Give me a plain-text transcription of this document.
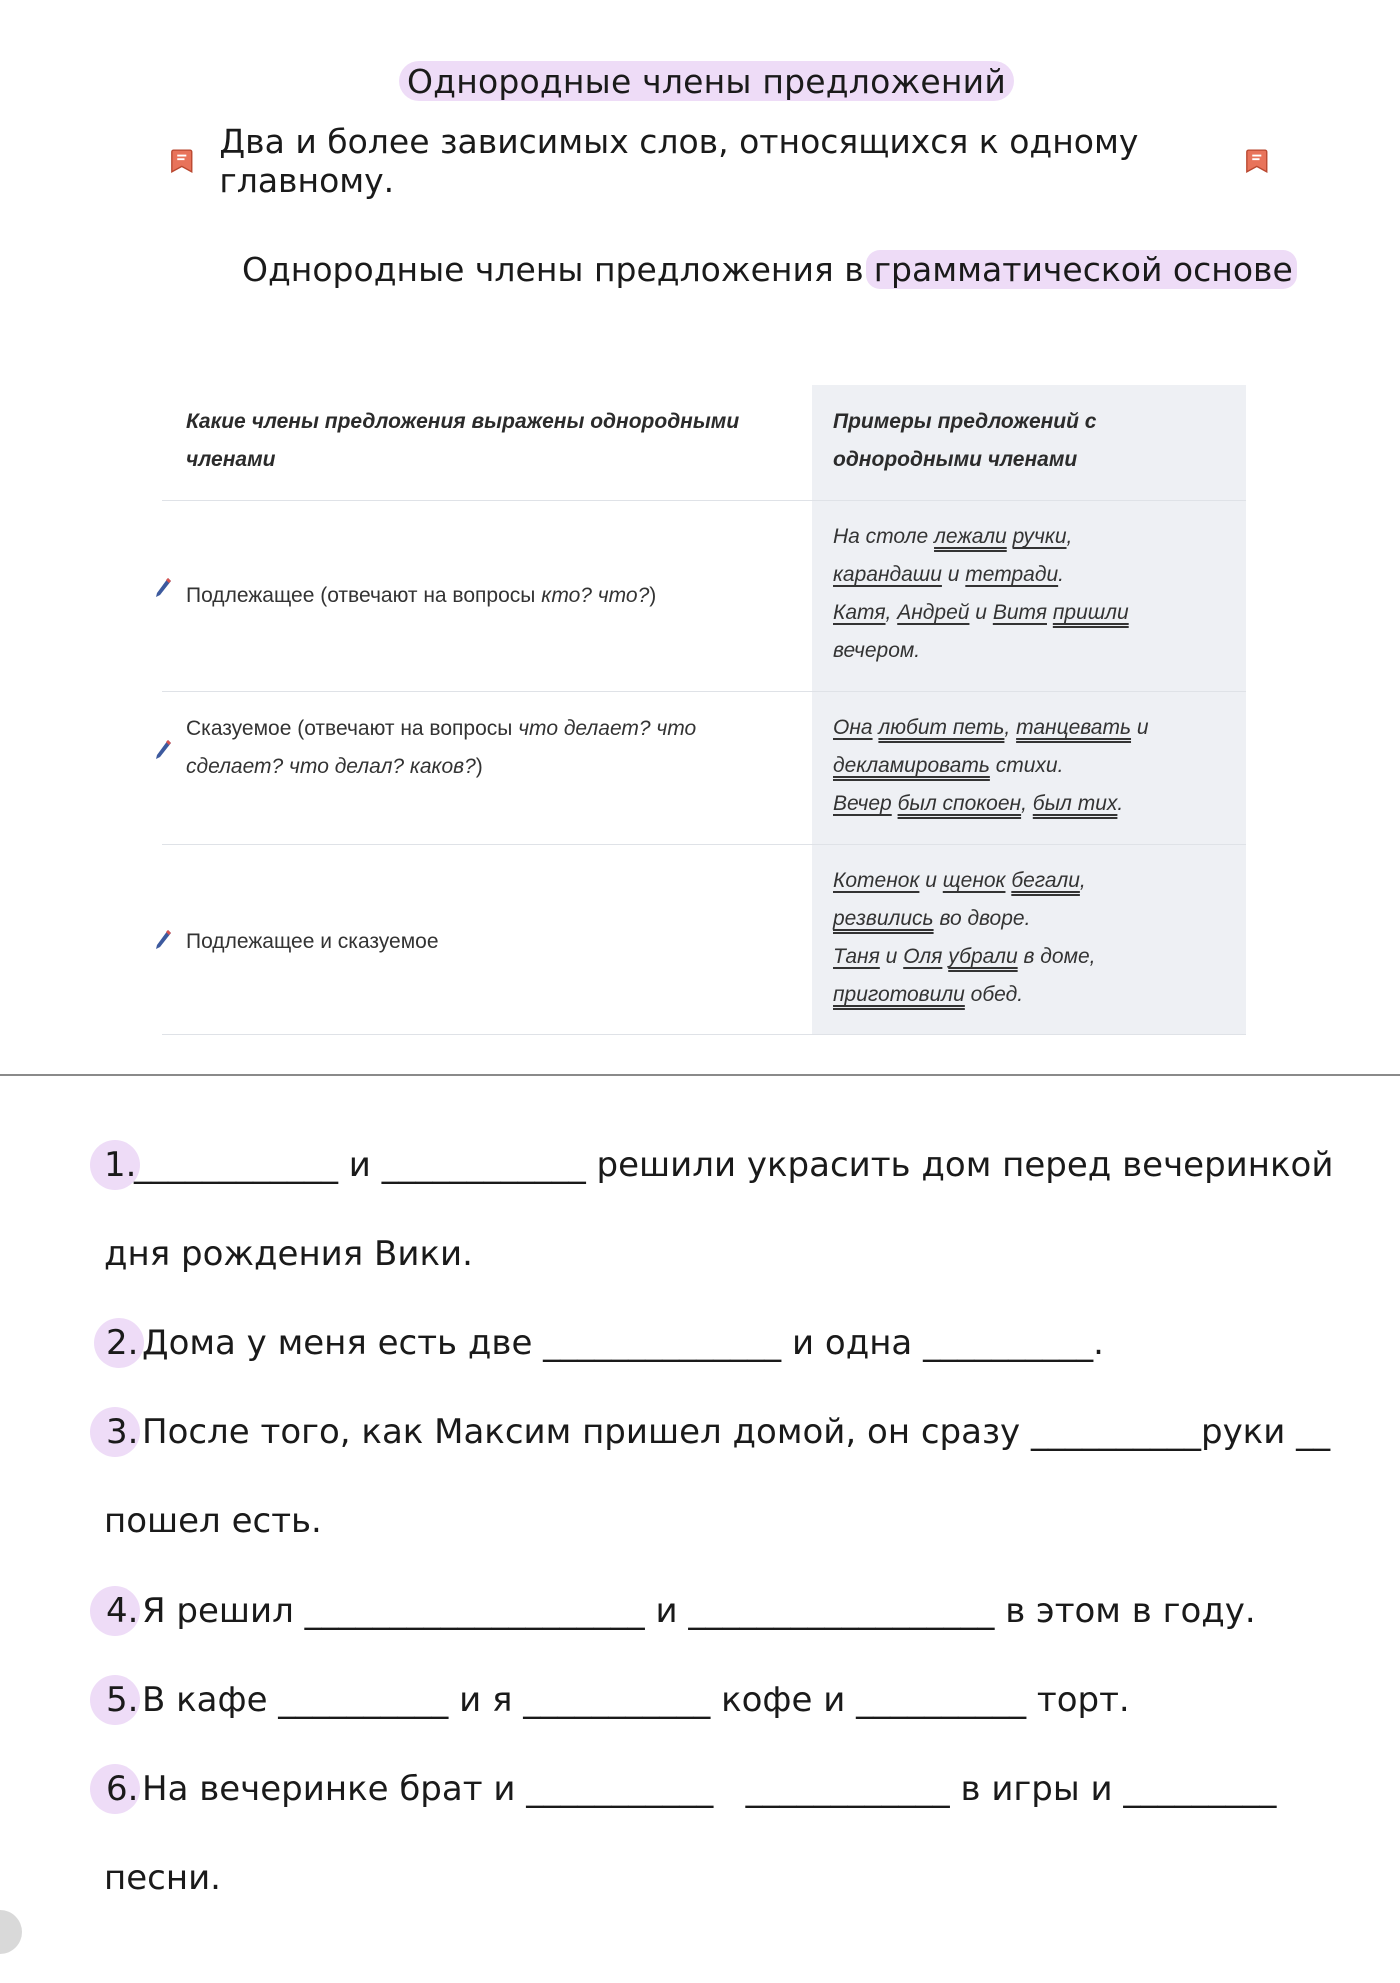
Однородные члены предложений
Два и более зависимых слов, относящихся к одному главному.
Однородные члены предложения в грамматической основе
Какие члены предложения выражены однородными членами
Примеры предложений с однородными членами
Подлежащее (отвечают на вопросы кто? что?)
На столе лежали ручки,
карандаши и тетради.
Катя, Андрей и Витя пришли
вечером.
Сказуемое (отвечают на вопросы что делает? что сделает? что делал? каков?)
Она любит петь, танцевать и
декламировать стихи.
Вечер был спокоен, был тих.
Подлежащее и сказуемое
Котенок и щенок бегали,
резвились во дворе.
Таня и Оля убрали в доме,
приготовили обед.
1.
____________ и ____________ решили украсить дом перед вечеринкой
дня рождения Вики.
2. Дома у меня есть две ______________ и одна __________.
3. После того, как Максим пришел домой, он сразу __________руки __
пошел есть.
4. Я решил ____________________ и __________________ в этом в году.
5. В кафе __________ и я ___________ кофе и __________ торт.
6. На вечеринке брат и ___________   ____________ в игры и _________
песни.
